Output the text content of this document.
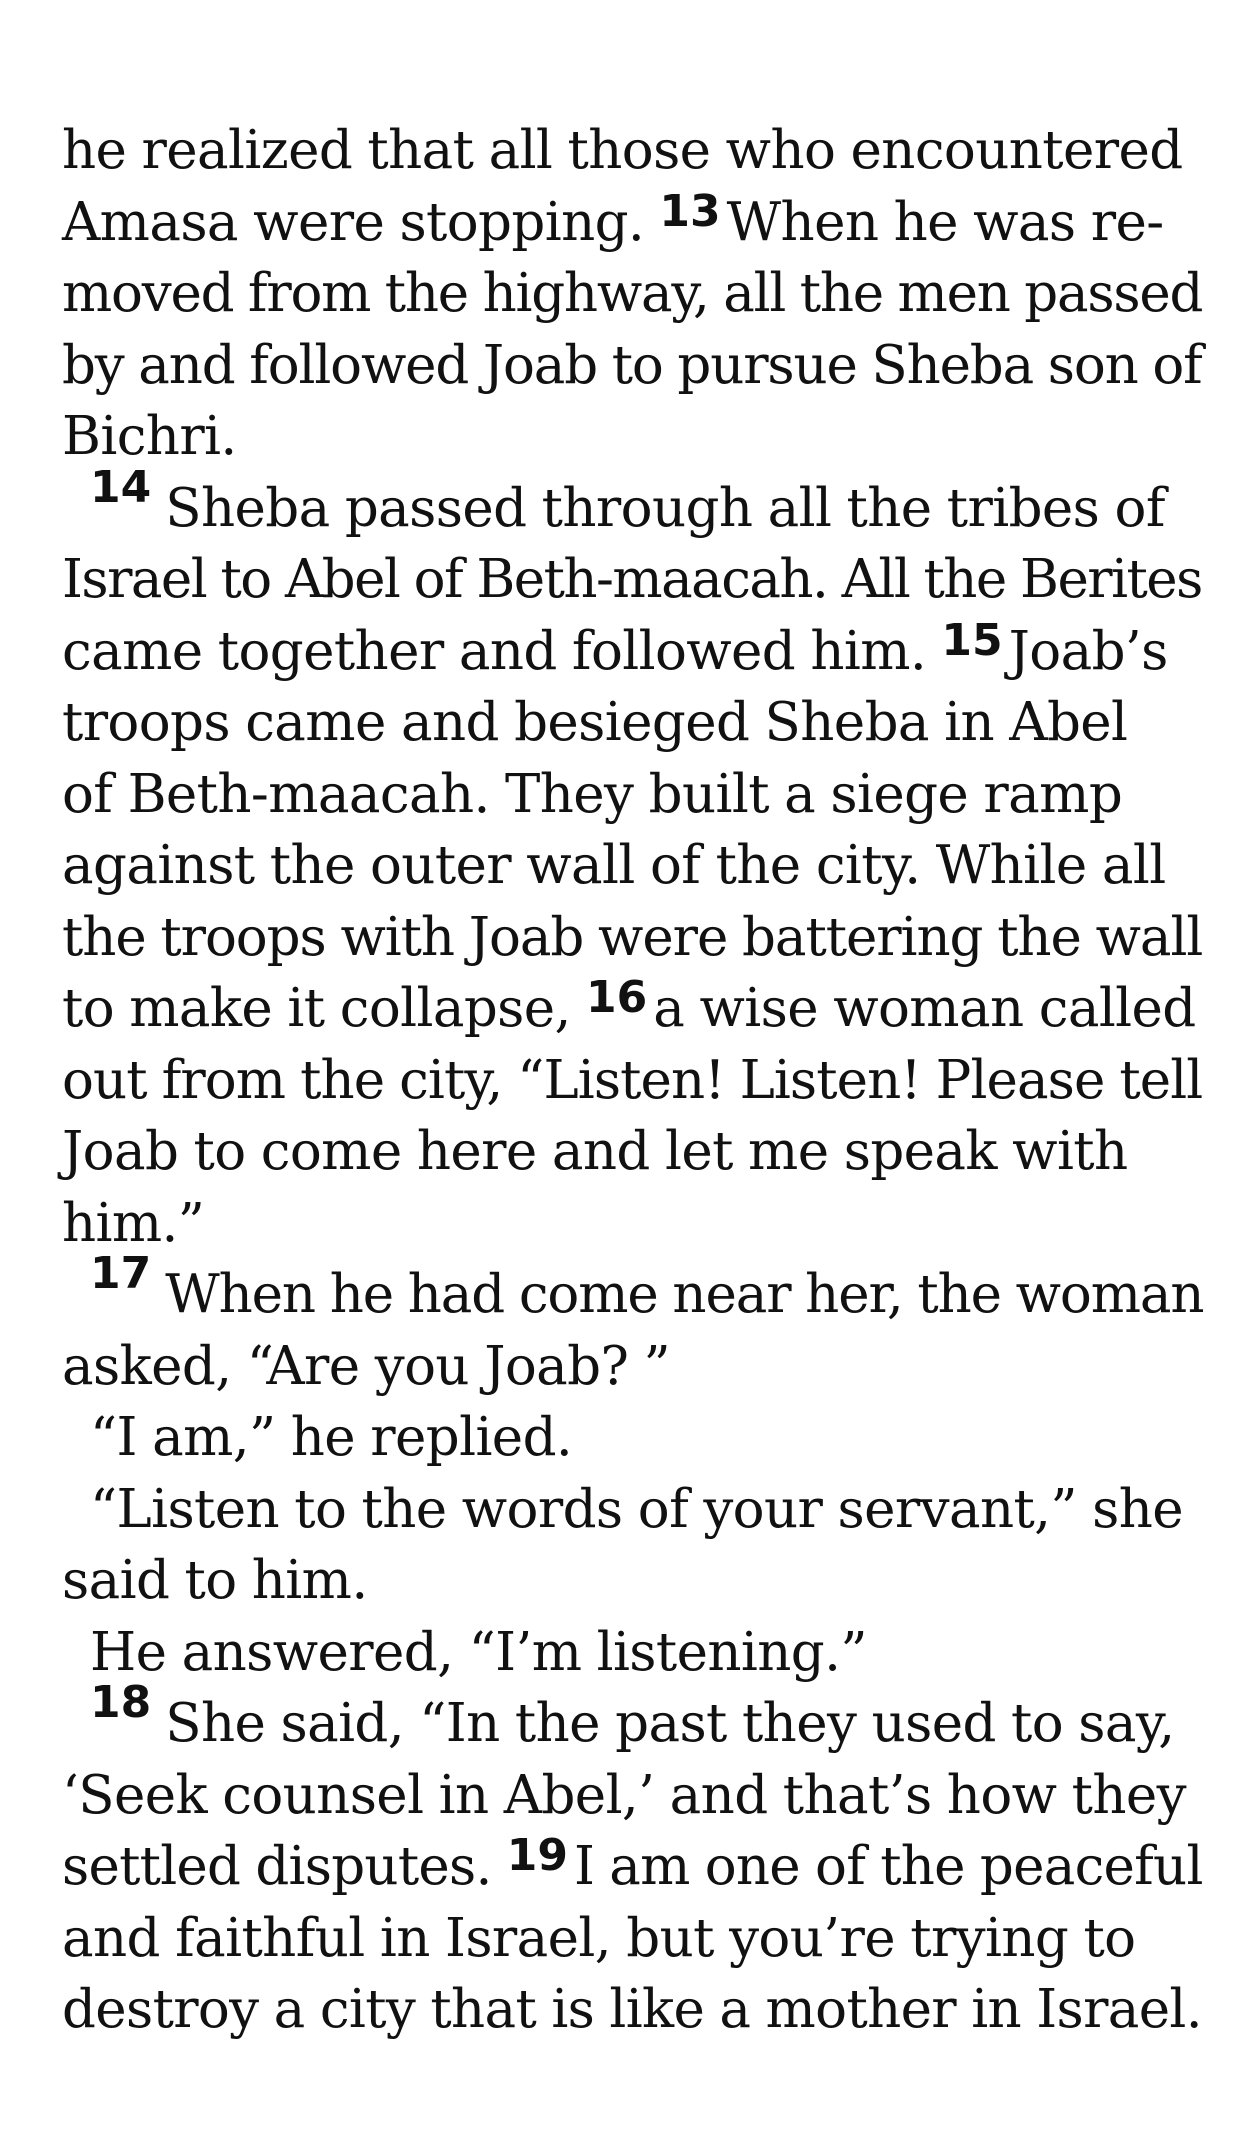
he realized that all those who encountered
Amasa were stopping. $^{13}$ When he was re-
moved from the highway, all the men passed
by and followed Joab to pursue Sheba son of
Bichri.
$^{14}$ Sheba passed through all the tribes of
Israel to Abel of Beth-maacah. All the Berites
came together and followed him. $^{15}$ Joab’s
troops came and besieged Sheba in Abel
of Beth-maacah. They built a siege ramp
against the outer wall of the city. While all
the troops with Joab were battering the wall
to make it collapse, $^{16}$ a wise woman called
out from the city, “Listen! Listen! Please tell
Joab to come here and let me speak with
him.”
$^{17}$ When he had come near her, the woman
asked, “Are you Joab? ”
“I am,” he replied.
“Listen to the words of your servant,” she
said to him.
He answered, “I’m listening.”
$^{18}$ She said, “In the past they used to say,
‘Seek counsel in Abel,’ and that’s how they
settled disputes. $^{19}$ I am one of the peaceful
and faithful in Israel, but you’re trying to
destroy a city that is like a mother in Israel.
